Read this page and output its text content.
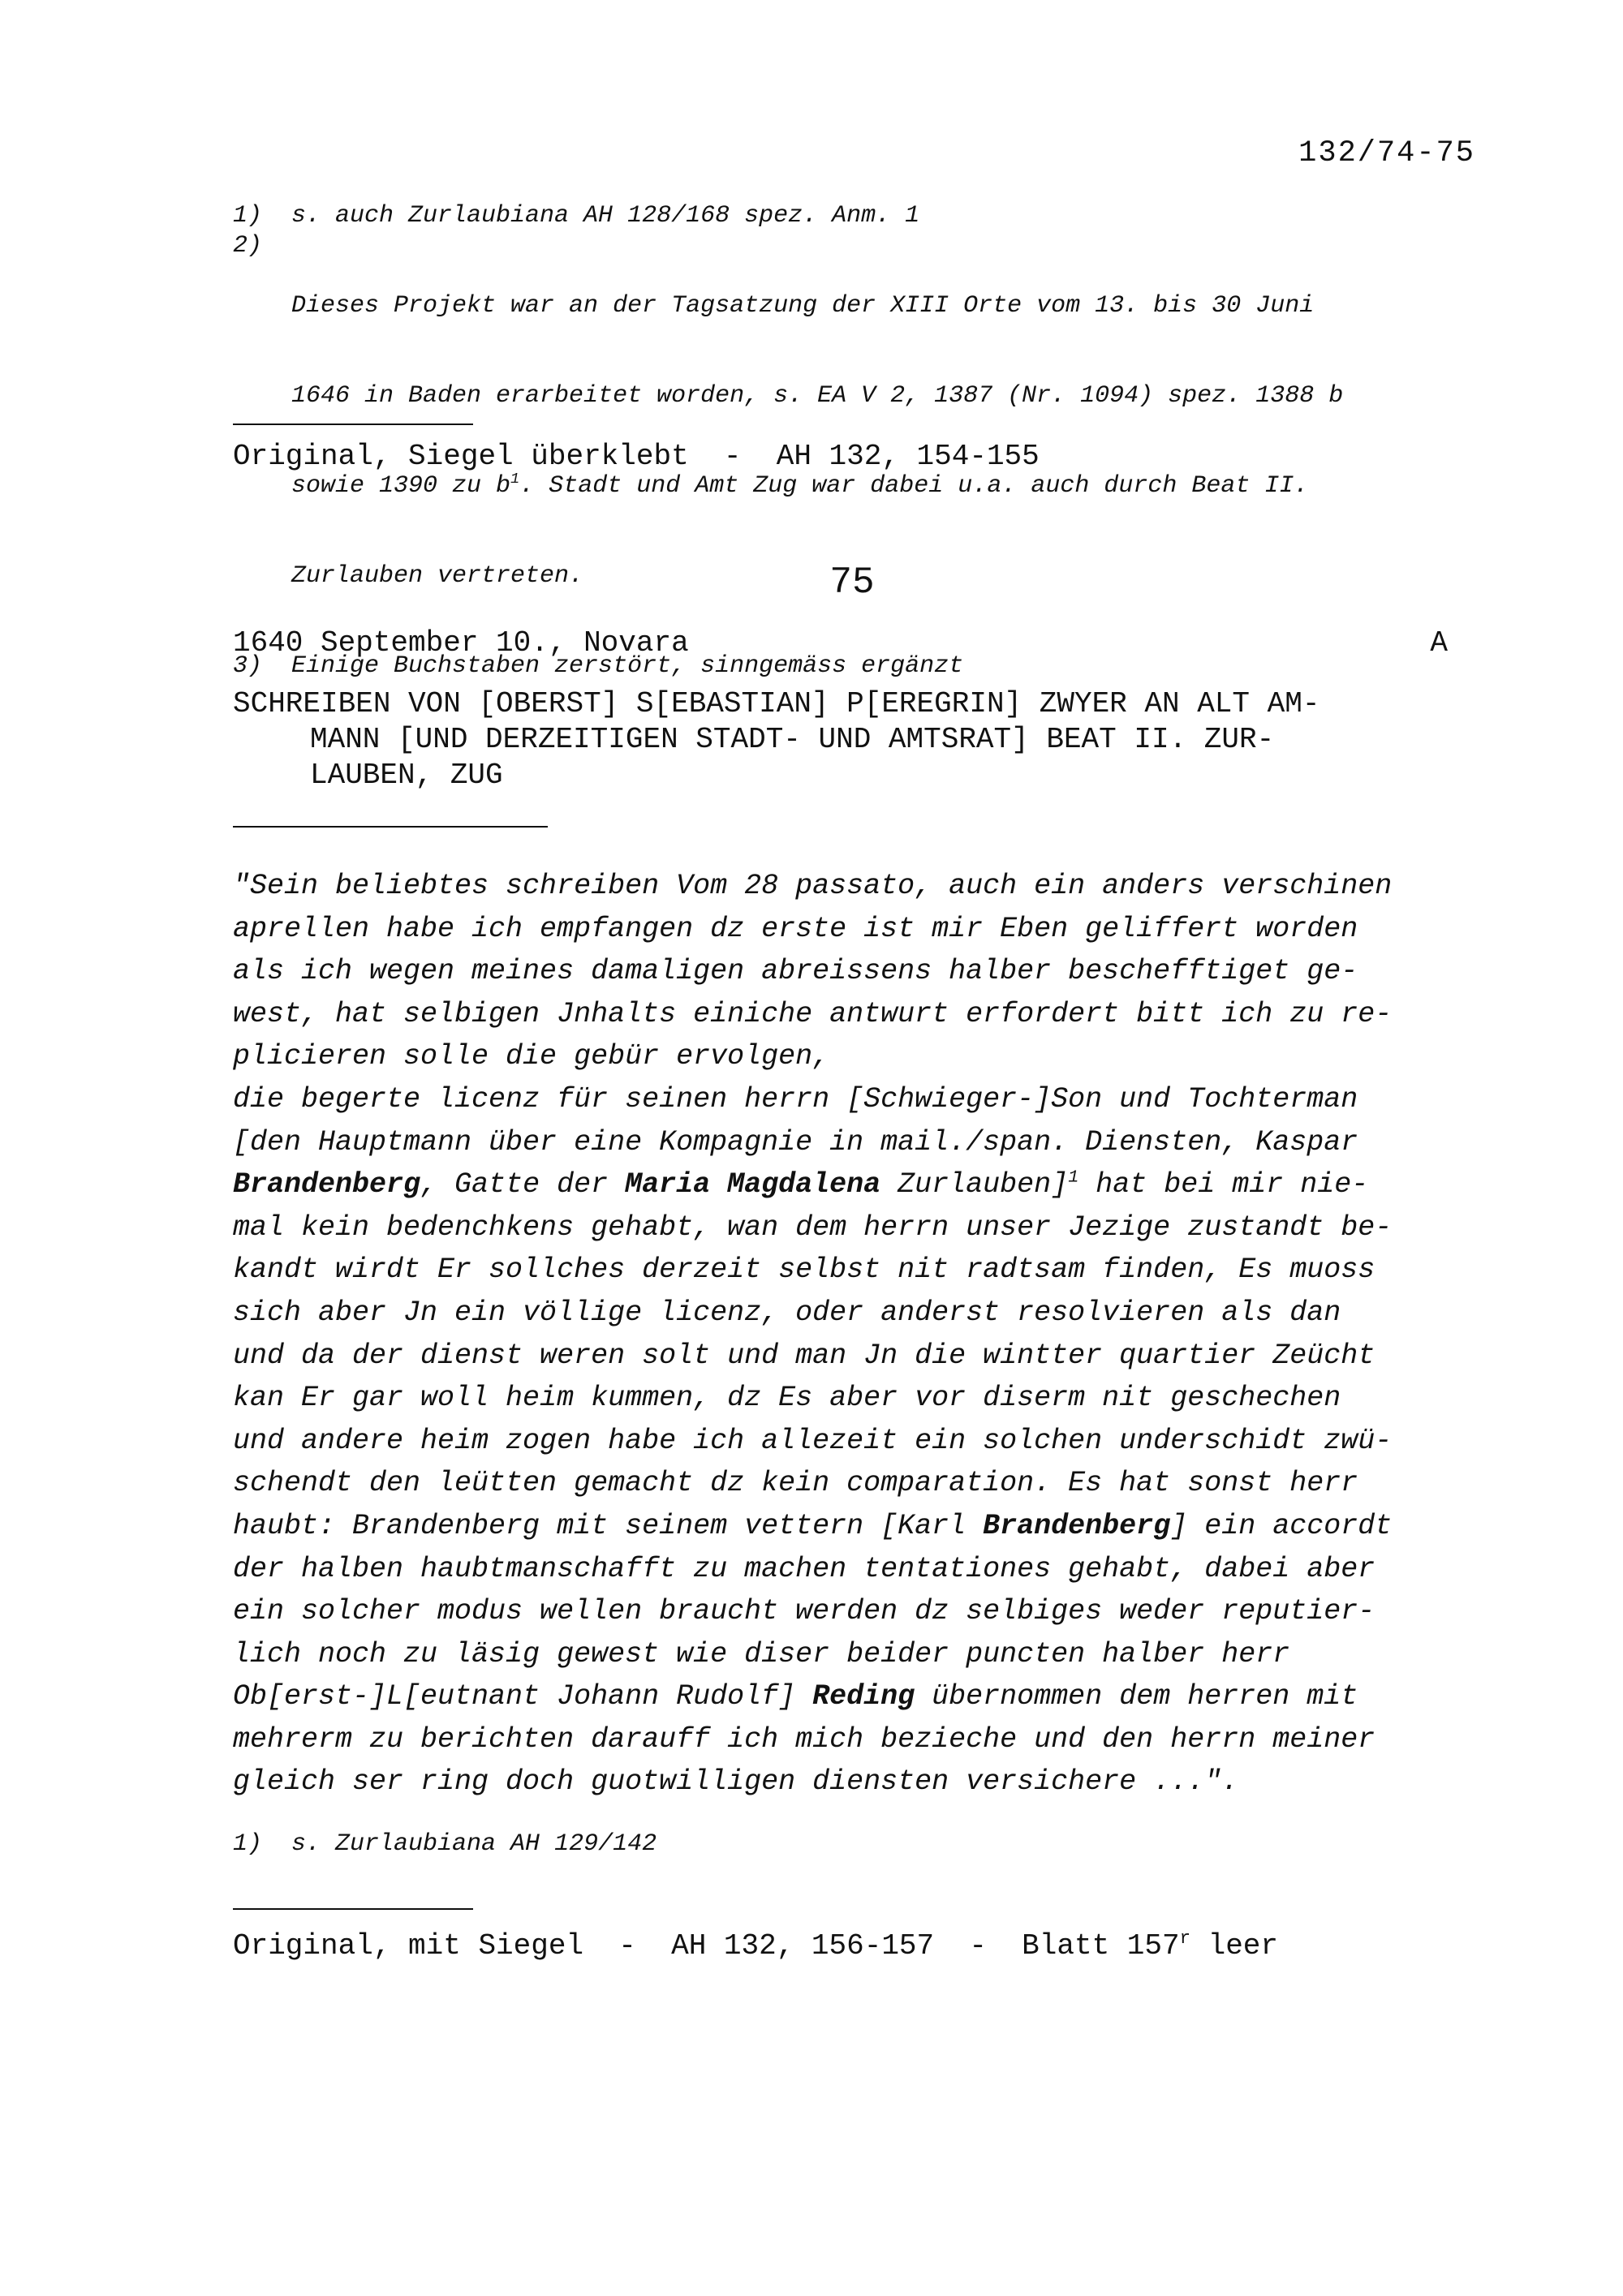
132/74-75
1)	s. auch Zurlaubiana AH 128/168 spez. Anm. 1
2)

Dieses Projekt war an der Tagsatzung der XIII Orte vom 13. bis 30 Juni

1646 in Baden erarbeitet worden, s. EA V 2, 1387 (Nr. 1094) spez. 1388 b

sowie 1390 zu $b^1$. Stadt und Amt Zug war dabei u.a. auch durch Beat II.

Zurlauben vertreten.

3)	Einige Buchstaben zerstört, sinngemäss ergänzt
Original, Siegel überklebt  -  AH 132, 154-155
75
1640 September 10., Novara	A
SCHREIBEN VON [OBERST] S[EBASTIAN] P[EREGRIN] ZWYER AN ALT AM-
MANN [UND DERZEITIGEN STADT- UND AMTSRAT] BEAT II. ZUR-
LAUBEN, ZUG
"Sein beliebtes schreiben Vom 28 passato, auch ein anders verschinen
aprellen habe ich empfangen dz erste ist mir Eben geliffert worden
als ich wegen meines damaligen abreissens halber beschefftiget ge-
west, hat selbigen Jnhalts einiche antwurt erfordert bitt ich zu re-
plicieren solle die gebür ervolgen,
die begerte licenz für seinen herrn [Schwieger-]Son und Tochterman
[den Hauptmann über eine Kompagnie in mail./span. Diensten, Kaspar
Brandenberg, Gatte der Maria Magdalena Zurlauben]$^1$ hat bei mir nie-
mal kein bedenchkens gehabt, wan dem herrn unser Jezige zustandt be-
kandt wirdt Er sollches derzeit selbst nit radtsam finden, Es muoss
sich aber Jn ein völlige licenz, oder anderst resolvieren als dan
und da der dienst weren solt und man Jn die wintter quartier Zeücht
kan Er gar woll heim kummen, dz Es aber vor diserm nit geschechen
und andere heim zogen habe ich allezeit ein solchen underschidt zwü-
schendt den leütten gemacht dz kein comparation. Es hat sonst herr
haubt: Brandenberg mit seinem vettern [Karl Brandenberg] ein accordt
der halben haubtmanschafft zu machen tentationes gehabt, dabei aber
ein solcher modus wellen braucht werden dz selbiges weder reputier-
lich noch zu läsig gewest wie diser beider puncten halber herr
Ob[erst-]L[eutnant Johann Rudolf] Reding übernommen dem herren mit
mehrerm zu berichten darauff ich mich bezieche und den herrn meiner
gleich ser ring doch guotwilligen diensten versichere ...".
1)  s. Zurlaubiana AH 129/142
Original, mit Siegel  -  AH 132, 156-157  -  Blatt 157$^r$ leer
